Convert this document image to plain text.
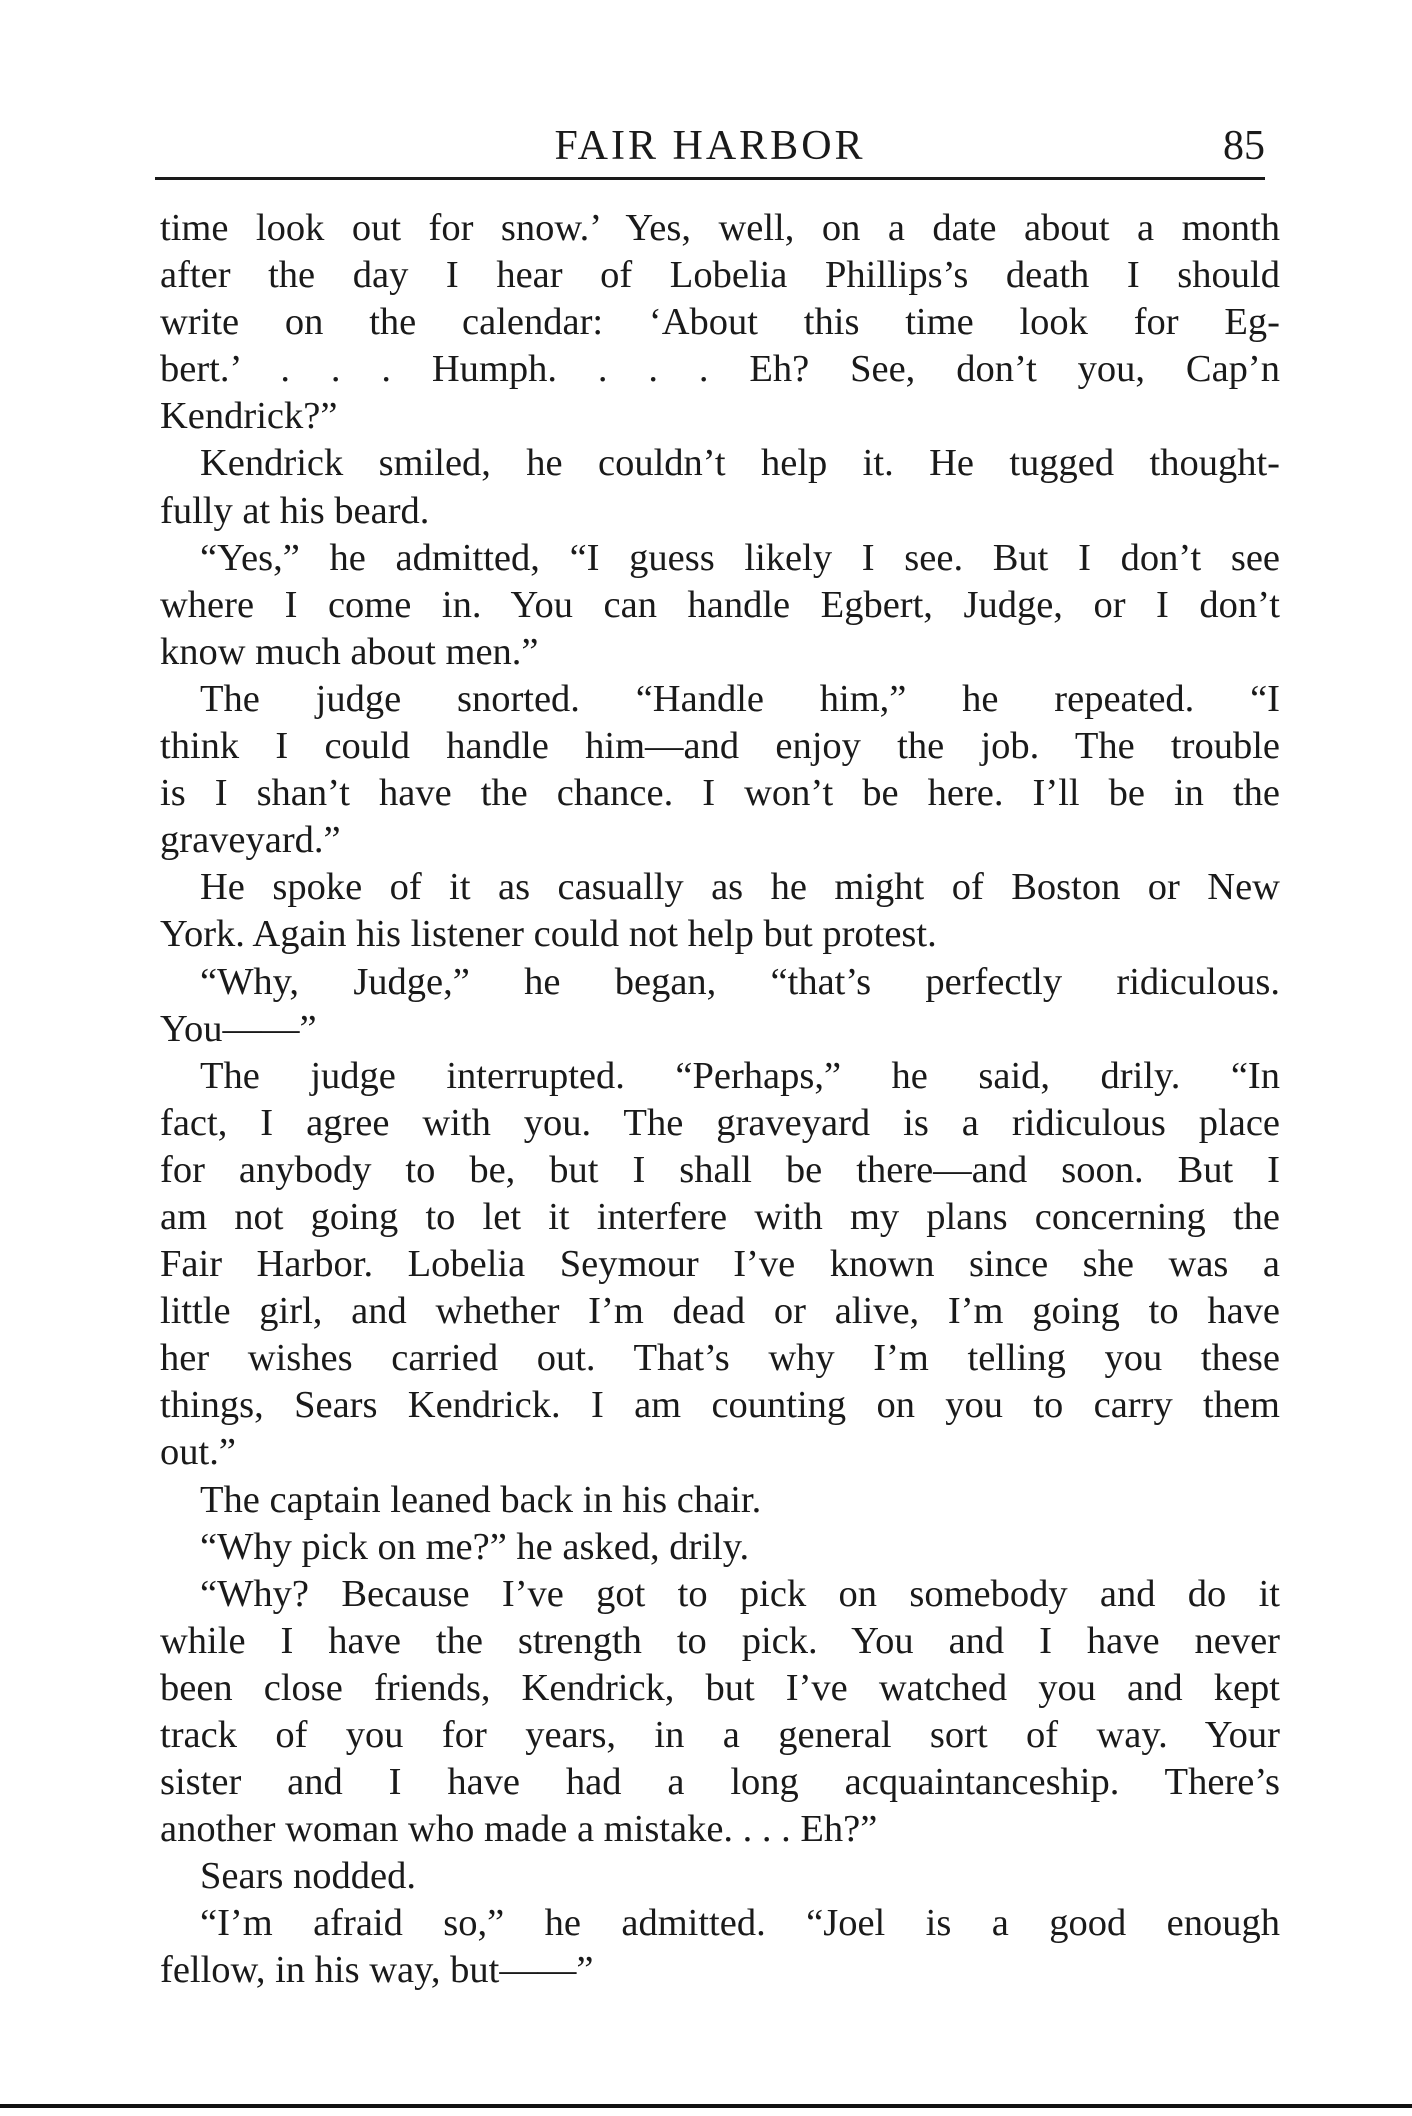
FAIR HARBOR	85
time look out for snow.’ Yes, well, on a date about a month
after the day I hear of Lobelia Phillips’s death I should
write on the calendar: ‘About this time look for Eg-
bert.’ . . . Humph. . . . Eh? See, don’t you, Cap’n
Kendrick?”
Kendrick smiled, he couldn’t help it. He tugged thought-
fully at his beard.
“Yes,” he admitted, “I guess likely I see. But I don’t see
where I come in. You can handle Egbert, Judge, or I don’t
know much about men.”
The judge snorted. “Handle him,” he repeated. “I
think I could handle him—and enjoy the job. The trouble
is I shan’t have the chance. I won’t be here. I’ll be in the
graveyard.”
He spoke of it as casually as he might of Boston or New
York. Again his listener could not help but protest.
“Why, Judge,” he began, “that’s perfectly ridiculous.
You——”
The judge interrupted. “Perhaps,” he said, drily. “In
fact, I agree with you. The graveyard is a ridiculous place
for anybody to be, but I shall be there—and soon. But I
am not going to let it interfere with my plans concerning the
Fair Harbor. Lobelia Seymour I’ve known since she was a
little girl, and whether I’m dead or alive, I’m going to have
her wishes carried out. That’s why I’m telling you these
things, Sears Kendrick. I am counting on you to carry them
out.”
The captain leaned back in his chair.
“Why pick on me?” he asked, drily.
“Why? Because I’ve got to pick on somebody and do it
while I have the strength to pick. You and I have never
been close friends, Kendrick, but I’ve watched you and kept
track of you for years, in a general sort of way. Your
sister and I have had a long acquaintanceship. There’s
another woman who made a mistake. . . . Eh?”
Sears nodded.
“I’m afraid so,” he admitted. “Joel is a good enough
fellow, in his way, but——”
